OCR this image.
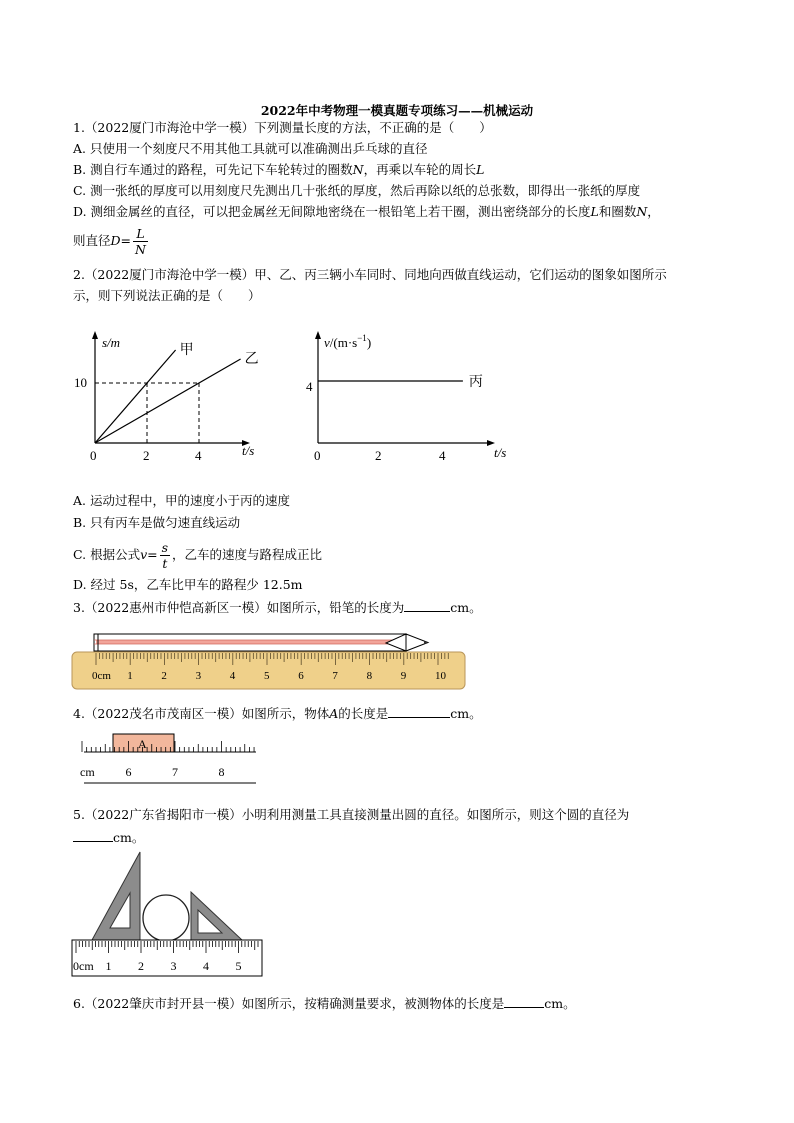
2022年中考物理一模真题专项练习——机械运动
1.（2022厦门市海沧中学一模）下列测量长度的方法，不正确的是（　　）
A. 只使用一个刻度尺不用其他工具就可以准确测出乒乓球的直径
B. 测自行车通过的路程，可先记下车轮转过的圈数N，再乘以车轮的周长L
C. 测一张纸的厚度可以用刻度尺先测出几十张纸的厚度，然后再除以纸的总张数，即得出一张纸的厚度
D. 测细金属丝的直径，可以把金属丝无间隙地密绕在一根铅笔上若干圈，测出密绕部分的长度L和圈数N，
则直径$D= \frac{L}{N}$
2.（2022厦门市海沧中学一模）甲、乙、丙三辆小车同时、同地向西做直线运动，它们运动的图象如图所示
示，则下列说法正确的是（　　）
s/m
t/s
0	2	4
10
甲
乙
$v/(m\cdot s^{-1})$
t/s
0	2	4
4	丙
A. 运动过程中，甲的速度小于丙的速度
B. 只有丙车是做匀速直线运动
C. 根据公式$v= \frac{s}{t}$ ，乙车的速度与路程成正比
D. 经过 5s，乙车比甲车的路程少 12.5m
3.（2022惠州市仲恺高新区一模）如图所示，铅笔的长度为	cm。
0cm 1	2	3	4	5	6	7	8	9	10
4.（2022茂名市茂南区一模）如图所示，物体A的长度是	cm。
A
cm	6	7	8
5.（2022广东省揭阳市一模）小明利用测量工具直接测量出圆的直径。如图所示，则这个圆的直径为
cm。
0cm 1 2 3 4 5
6.（2022肇庆市封开县一模）如图所示，按精确测量要求，被测物体的长度是	cm。
